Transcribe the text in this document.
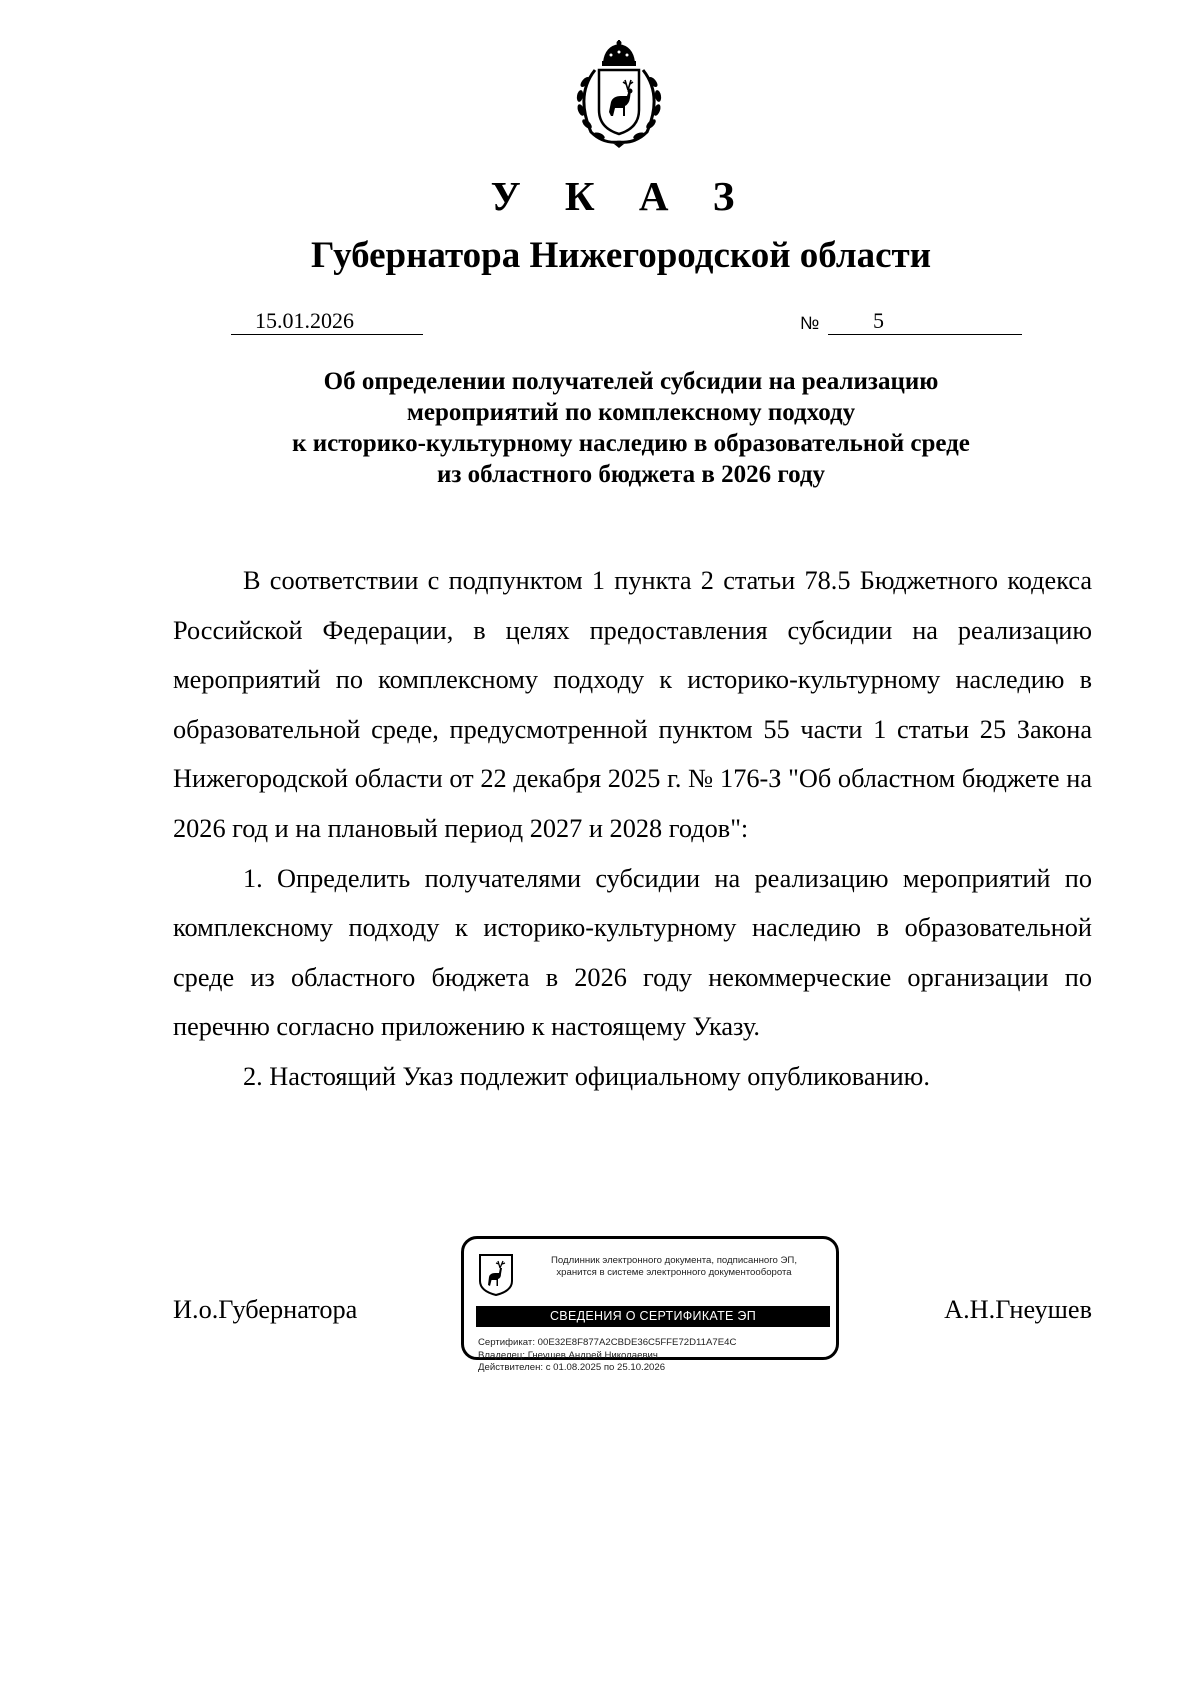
У К А З
Губернатора Нижегородской области
15.01.2026	№ 5
Об определении получателей субсидии на реализацию
мероприятий по комплексному подходу
к историко-культурному наследию в образовательной среде
из областного бюджета в 2026 году

В соответствии с подпунктом 1 пункта 2 статьи 78.5 Бюджетного кодекса Российской Федерации, в целях предоставления субсидии на реализацию мероприятий по комплексному подходу к историко-культурному наследию в образовательной среде, предусмотренной пунктом 55 части 1 статьи 25 Закона Нижегородской области от 22 декабря 2025 г. № 176-З "Об областном бюджете на 2026 год и на плановый период 2027 и 2028 годов":

1. Определить получателями субсидии на реализацию мероприятий по комплексному подходу к историко-культурному наследию в образовательной среде из областного бюджета в 2026 году некоммерческие организации по перечню согласно приложению к настоящему Указу.

2. Настоящий Указ подлежит официальному опубликованию.

И.о.Губернатора
Подлинник электронного документа, подписанного ЭП,
хранится в системе электронного документооборота
СВЕДЕНИЯ О СЕРТИФИКАТЕ ЭП
Сертификат: 00E32E8F877A2CBDE36C5FFE72D11A7E4C
Владелец: Гнеушев Андрей Николаевич
Действителен: с 01.08.2025 по 25.10.2026
А.Н.Гнеушев
